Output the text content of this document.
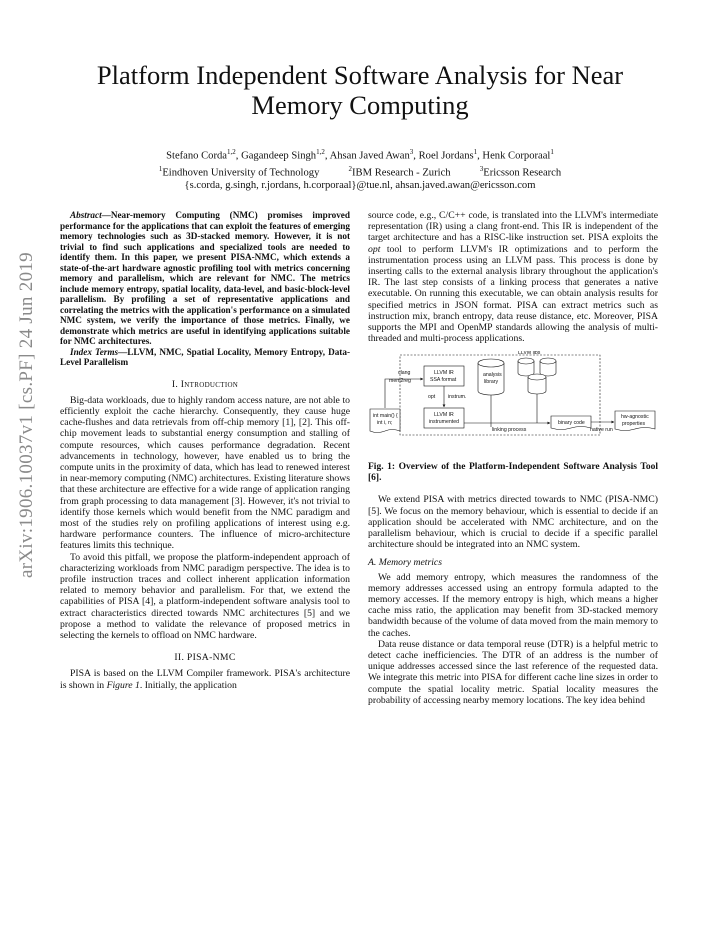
arXiv:1906.10037v1 [cs.PF] 24 Jun 2019
Platform Independent Software Analysis for Near Memory Computing
Stefano Corda$^{1,2}$, Gagandeep Singh$^{1,2}$, Ahsan Javed Awan$^3$, Roel Jordans$^1$, Henk Corporaal$^1$
$^1$Eindhoven University of Technology	$^2$IBM Research - Zurich	$^3$Ericsson Research
{s.corda, g.singh, r.jordans, h.corporaal}@tue.nl, ahsan.javed.awan@ericsson.com

Abstract—Near-memory Computing (NMC) promises improved performance for the applications that can exploit the features of emerging memory technologies such as 3D-stacked memory. However, it is not trivial to find such applications and specialized tools are needed to identify them. In this paper, we present PISA-NMC, which extends a state-of-the-art hardware agnostic profiling tool with metrics concerning memory and parallelism, which are relevant for NMC. The metrics include memory entropy, spatial locality, data-level, and basic-block-level parallelism. By profiling a set of representative applications and correlating the metrics with the application's performance on a simulated NMC system, we verify the importance of those metrics. Finally, we demonstrate which metrics are useful in identifying applications suitable for NMC architectures.

Index Terms—LLVM, NMC, Spatial Locality, Memory Entropy, Data-Level Parallelism

I. Introduction

Big-data workloads, due to highly random access nature, are not able to efficiently exploit the cache hierarchy. Consequently, they cause huge cache-flushes and data retrievals from off-chip memory [1], [2]. This off-chip movement leads to substantial energy consumption and stalling of compute resources, which causes performance degradation. Recent advancements in technology, however, have enabled us to bring the compute units in the proximity of data, which has lead to renewed interest in near-memory computing (NMC) architectures. Existing literature shows that these architecture are effective for a wide range of application ranging from graph processing to data management [3]. However, it's not trivial to identify those kernels which would benefit from the NMC paradigm and most of the studies rely on profiling applications of interest using e.g. hardware performance counters. The influence of micro-architecture features limits this technique.

To avoid this pitfall, we propose the platform-independent approach of characterizing workloads from NMC paradigm perspective. The idea is to profile instruction traces and collect inherent application information related to memory behavior and parallelism. For that, we extend the capabilities of PISA [4], a platform-independent software analysis tool to extract characteristics directed towards NMC architectures [5] and we propose a method to validate the relevance of proposed metrics in selecting the kernels to offload on NMC hardware.

II. PISA-NMC

PISA is based on the LLVM Compiler framework. PISA's architecture is shown in Figure 1. Initially, the application

source code, e.g., C/C++ code, is translated into the LLVM's intermediate representation (IR) using a clang front-end. This IR is independent of the target architecture and has a RISC-like instruction set. PISA exploits the opt tool to perform LLVM's IR optimizations and to perform the instrumentation process using an LLVM pass. This process is done by inserting calls to the external analysis library throughout the application's IR. The last step consists of a linking process that generates a native executable. On running this executable, we can obtain analysis results for specified metrics in JSON format. PISA can extract metrics such as instruction mix, branch entropy, data reuse distance, etc. Moreover, PISA supports the MPI and OpenMP standards allowing the analysis of multi-threaded and multi-process applications.

LLVM libs
int main() {
int i, n;
clang
mem2reg
LLVM IR
SSA format
opt instrum.
LLVM IR
instrumented
analysis
library
linking process
binary code
native run
hw-agnostic
properties
Fig. 1: Overview of the Platform-Independent Software Analysis Tool [6].

We extend PISA with metrics directed towards to NMC (PISA-NMC) [5]. We focus on the memory behaviour, which is essential to decide if an application should be accelerated with NMC architecture, and on the parallelism behaviour, which is crucial to decide if a specific parallel architecture should be integrated into an NMC system.

A. Memory metrics

We add memory entropy, which measures the randomness of the memory addresses accessed using an entropy formula adapted to the memory accesses. If the memory entropy is high, which means a higher cache miss ratio, the application may benefit from 3D-stacked memory bandwidth because of the volume of data moved from the main memory to the caches.

Data reuse distance or data temporal reuse (DTR) is a helpful metric to detect cache inefficiencies. The DTR of an address is the number of unique addresses accessed since the last reference of the requested data. We integrate this metric into PISA for different cache line sizes in order to compute the spatial locality metric. Spatial locality measures the probability of accessing nearby memory locations. The key idea behind
